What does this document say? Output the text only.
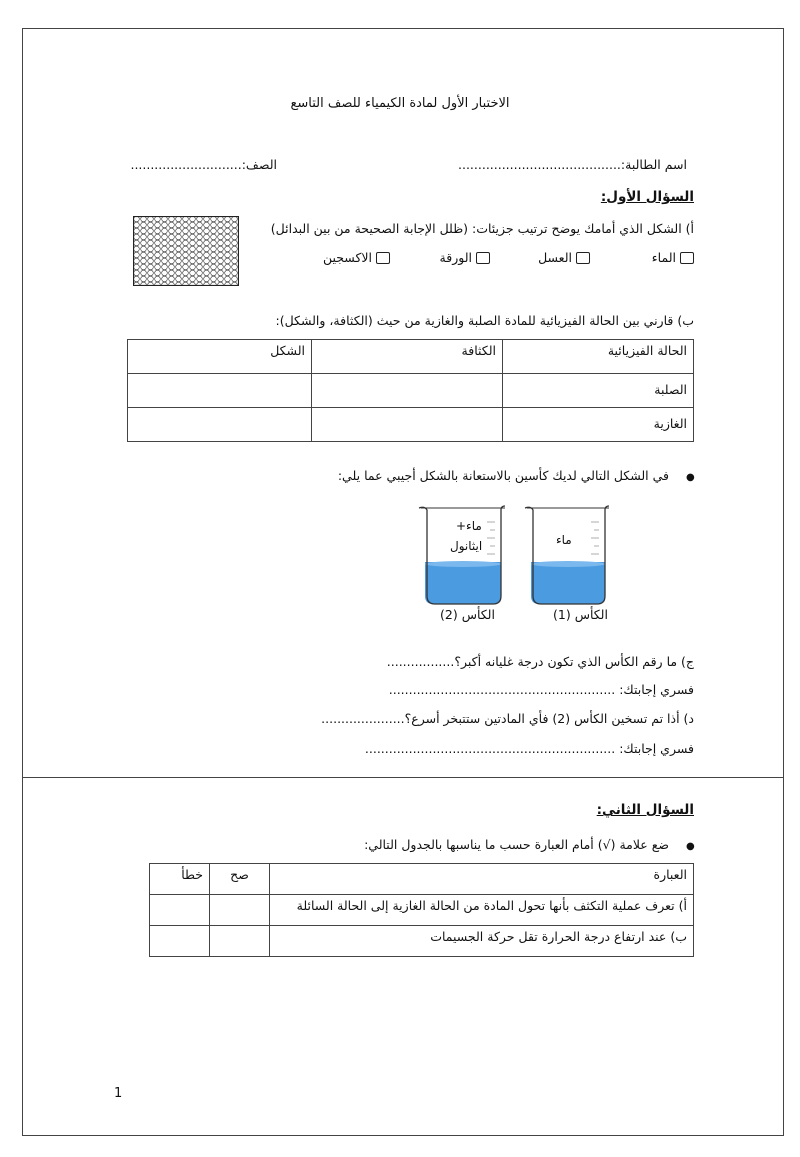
الاختبار الأول لمادة الكيمياء للصف التاسع
اسم الطالبة:.........................................
الصف:............................
السؤال الأول:
أ) الشكل الذي أمامك يوضح ترتيب جزيئات: (ظلل الإجابة الصحيحة من بين البدائل)
الماء
العسل
الورقة
الاكسجين
ب) قارني بين الحالة الفيزيائية للمادة الصلبة والغازية من حيث (الكثافة، والشكل):
الحالة الفيزيائية	الكثافة	الشكل
الصلبة		
الغازية		
●
في الشكل التالي لديك كأسين بالاستعانة بالشكل أجيبي عما يلي:
ماء+
ايثانول	ماء
الكأس (2)	الكأس (1)
ج) ما رقم الكأس الذي تكون درجة غليانه أكبر؟.................
فسري إجابتك: .........................................................
د) أذا تم تسخين الكأس (2) فأي المادتين ستتبخر أسرع؟.....................
فسري إجابتك: ...............................................................
السؤال الثاني:
●
ضع علامة (√) أمام العبارة حسب ما يناسبها بالجدول التالي:
العبارة	صح	خطأ
أ) تعرف عملية التكثف بأنها تحول المادة من الحالة الغازية إلى الحالة السائلة		
ب) عند ارتفاع درجة الحرارة تقل حركة الجسيمات		
1
